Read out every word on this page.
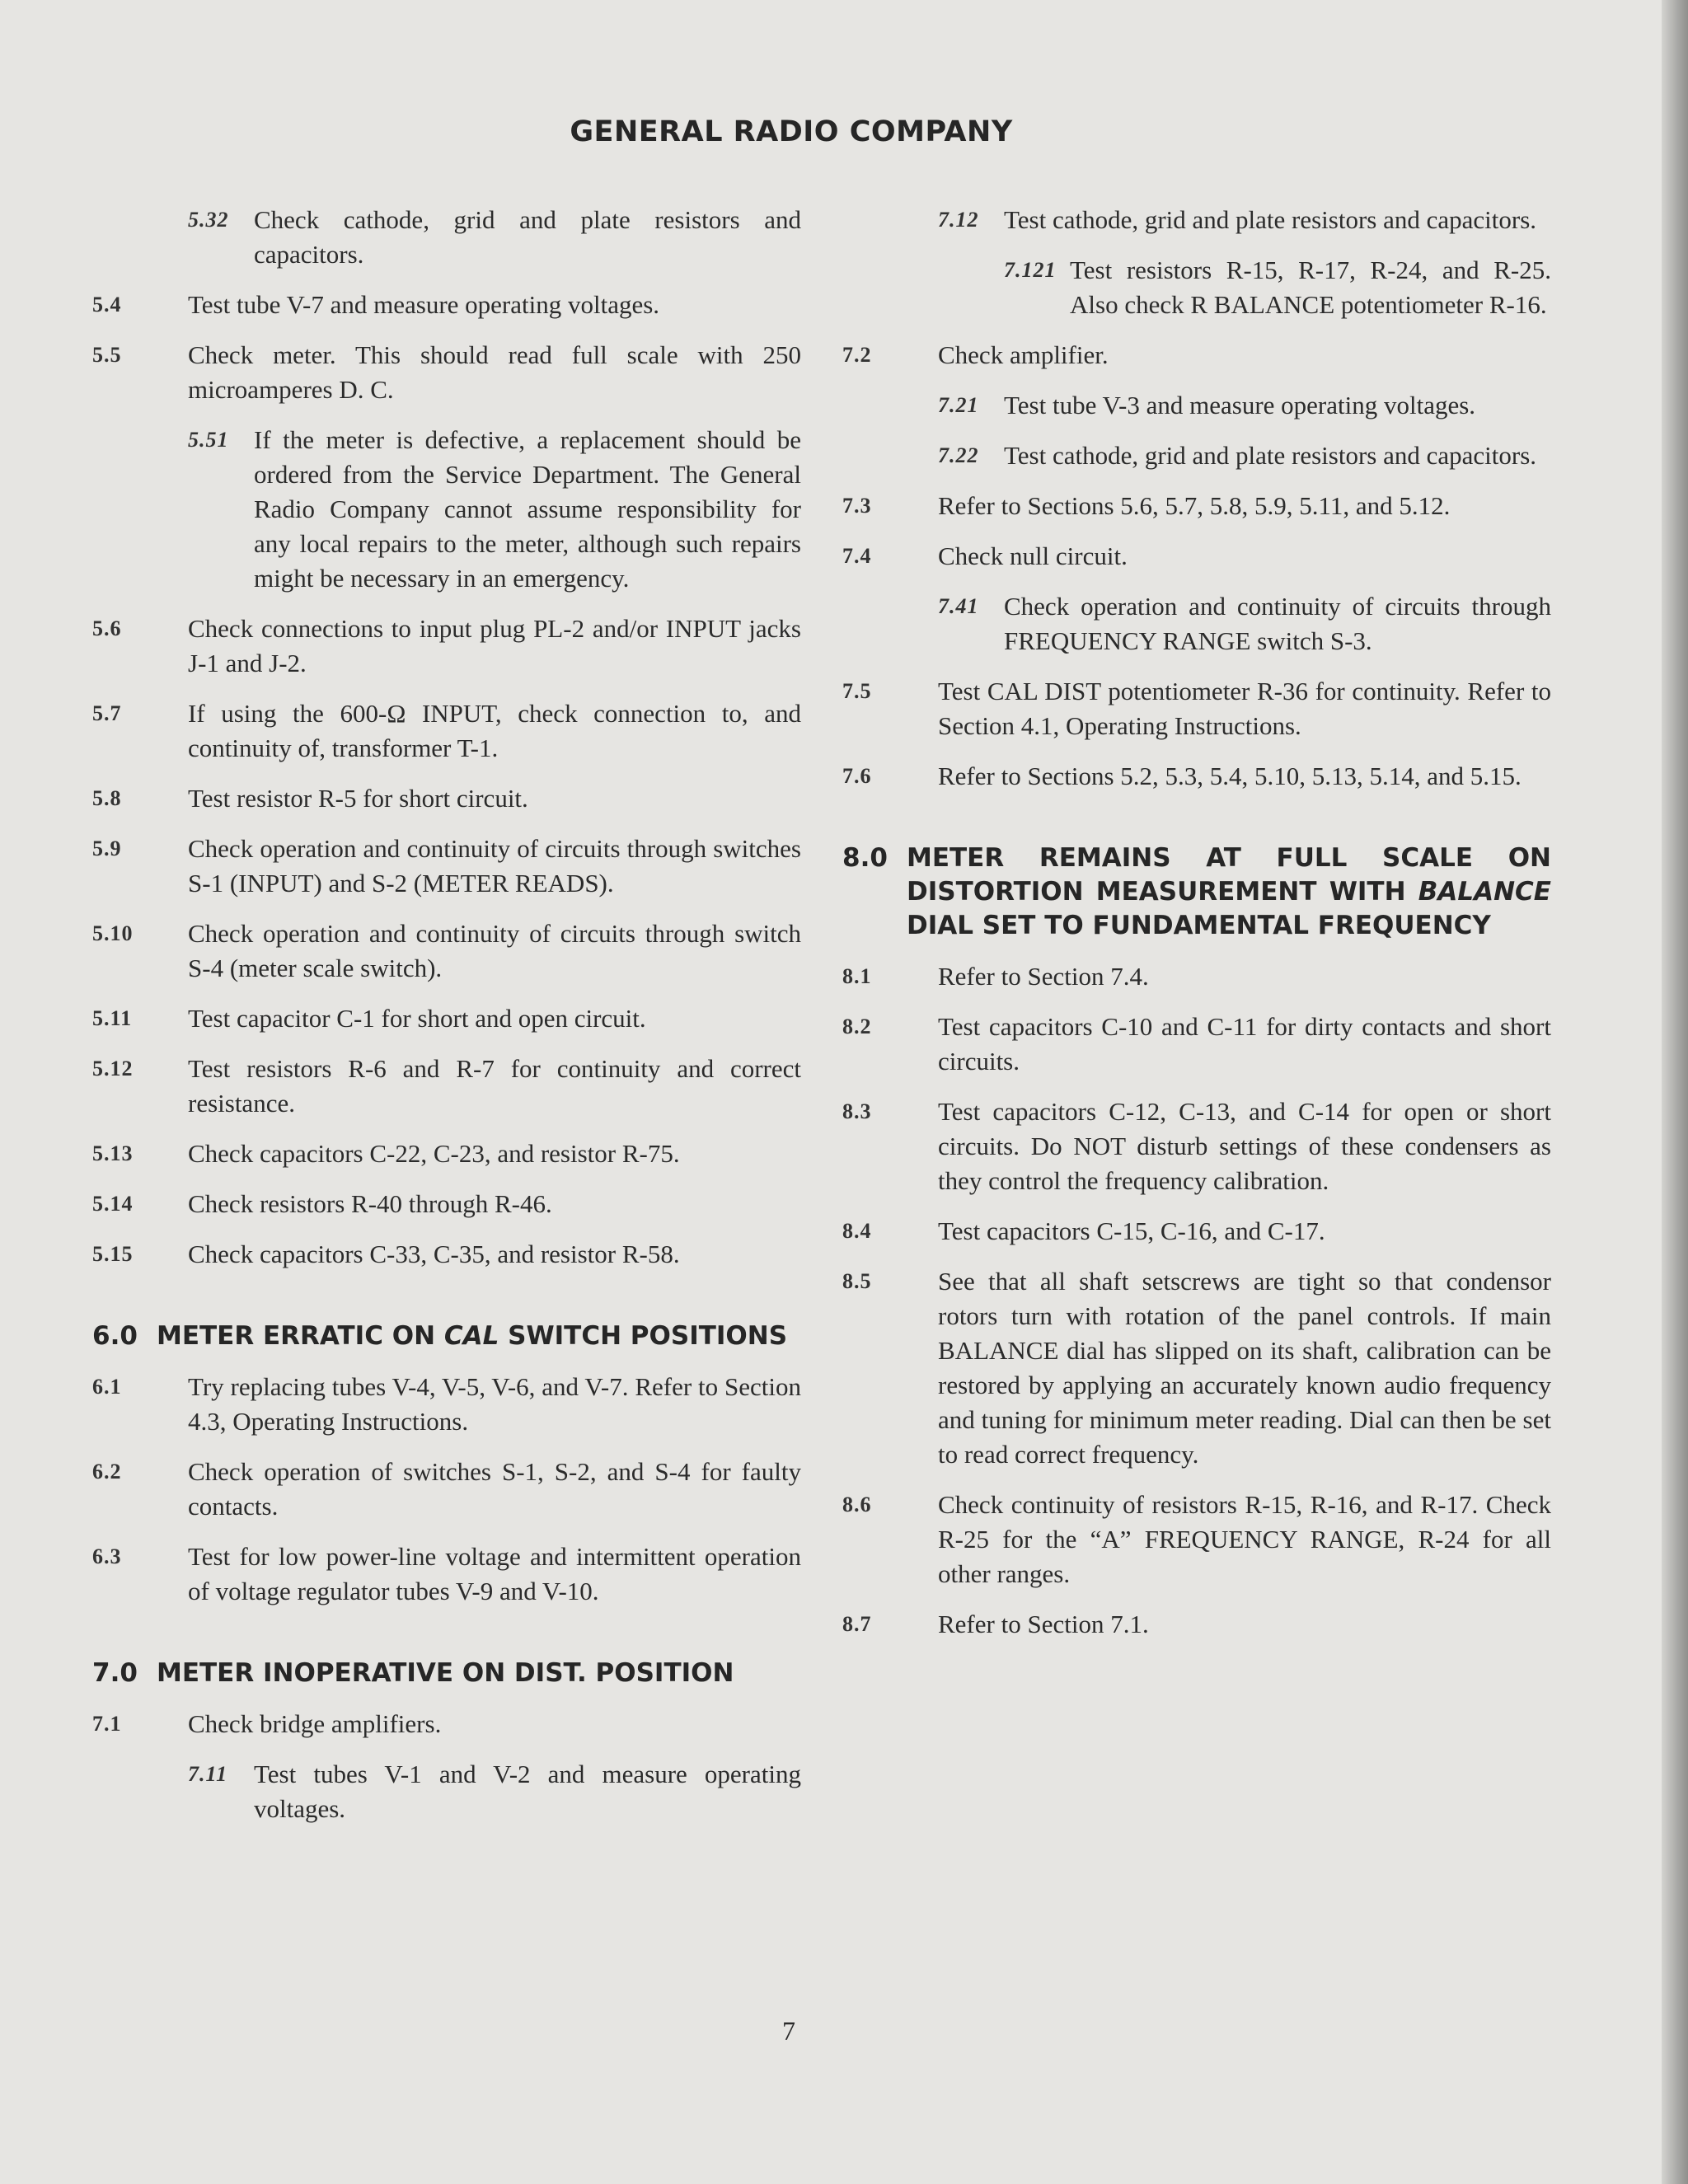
GENERAL RADIO COMPANY
5.32 Check cathode, grid and plate resistors and capacitors.
5.4	Test tube V-7 and measure operating voltages.
5.5	Check meter. This should read full scale with 250 microamperes D. C.
5.51 If the meter is defective, a replacement should be ordered from the Service Department. The General Radio Company cannot assume responsibility for any local repairs to the meter, although such repairs might be necessary in an emergency.
5.6	Check connections to input plug PL-2 and/or INPUT jacks J-1 and J-2.
5.7	If using the 600-Ω INPUT, check connection to, and continuity of, transformer T-1.
5.8	Test resistor R-5 for short circuit.
5.9	Check operation and continuity of circuits through switches S-1 (INPUT) and S-2 (METER READS).
5.10	Check operation and continuity of circuits through switch S-4 (meter scale switch).
5.11	Test capacitor C-1 for short and open circuit.
5.12	Test resistors R-6 and R-7 for continuity and correct resistance.
5.13	Check capacitors C-22, C-23, and resistor R-75.
5.14	Check resistors R-40 through R-46.
5.15	Check capacitors C-33, C-35, and resistor R-58.
6.0 METER ERRATIC ON CAL SWITCH POSITIONS
6.1	Try replacing tubes V-4, V-5, V-6, and V-7. Refer to Section 4.3, Operating Instructions.
6.2	Check operation of switches S-1, S-2, and S-4 for faulty contacts.
6.3	Test for low power-line voltage and intermittent operation of voltage regulator tubes V-9 and V-10.
7.0 METER INOPERATIVE ON DIST. POSITION
7.1	Check bridge amplifiers.
7.11	Test tubes V-1 and V-2 and measure operating voltages.
7.12 Test cathode, grid and plate resistors and capacitors.
7.121 Test resistors R-15, R-17, R-24, and R-25. Also check R BALANCE potentiometer R-16.
7.2	Check amplifier.
7.21 Test tube V-3 and measure operating voltages.
7.22 Test cathode, grid and plate resistors and capacitors.
7.3	Refer to Sections 5.6, 5.7, 5.8, 5.9, 5.11, and 5.12.
7.4	Check null circuit.
7.41 Check operation and continuity of circuits through FREQUENCY RANGE switch S-3.
7.5	Test CAL DIST potentiometer R-36 for continuity. Refer to Section 4.1, Operating Instructions.
7.6	Refer to Sections 5.2, 5.3, 5.4, 5.10, 5.13, 5.14, and 5.15.
8.0 METER REMAINS AT FULL SCALE ON DISTORTION MEASUREMENT WITH BALANCE DIAL SET TO FUNDAMENTAL FREQUENCY
8.1	Refer to Section 7.4.
8.2	Test capacitors C-10 and C-11 for dirty contacts and short circuits.
8.3	Test capacitors C-12, C-13, and C-14 for open or short circuits. Do NOT disturb settings of these condensers as they control the frequency calibration.
8.4	Test capacitors C-15, C-16, and C-17.
8.5	See that all shaft setscrews are tight so that condensor rotors turn with rotation of the panel controls. If main BALANCE dial has slipped on its shaft, calibration can be restored by applying an accurately known audio frequency and tuning for minimum meter reading. Dial can then be set to read correct frequency.
8.6	Check continuity of resistors R-15, R-16, and R-17. Check R-25 for the “A” FREQUENCY RANGE, R-24 for all other ranges.
8.7	Refer to Section 7.1.
7
